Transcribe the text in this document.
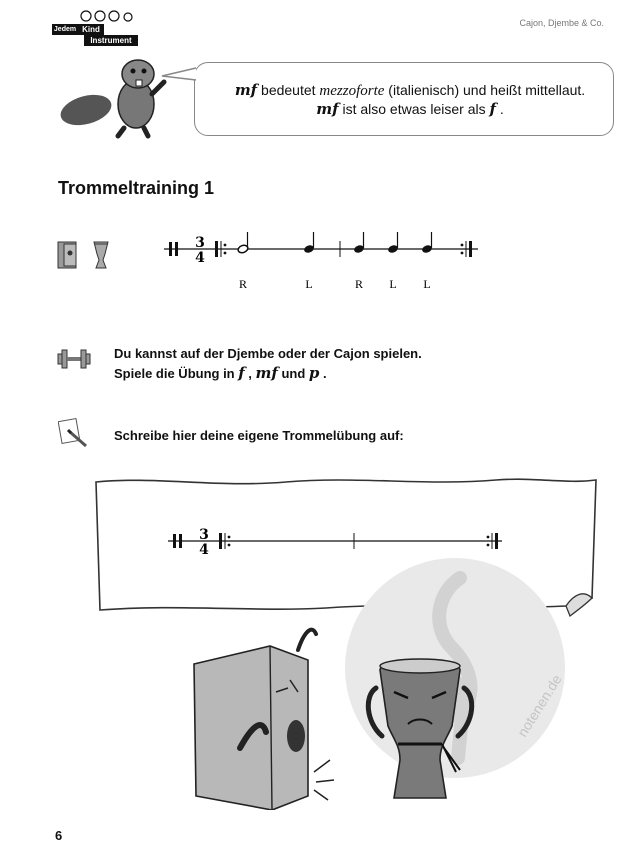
Jedem Kind
Instrument
Cajon, Djembe & Co.
mf bedeutet mezzoforte (italienisch) und heißt mittellaut.
mf ist also etwas leiser als f .
Trommeltraining 1
3
4
R	L	R L L
Du kannst auf der Djembe oder der Cajon spielen.
Spiele die Übung in f , mf und p .
Schreibe hier deine eigene Trommelübung auf:
3
4
notenen.de
6
